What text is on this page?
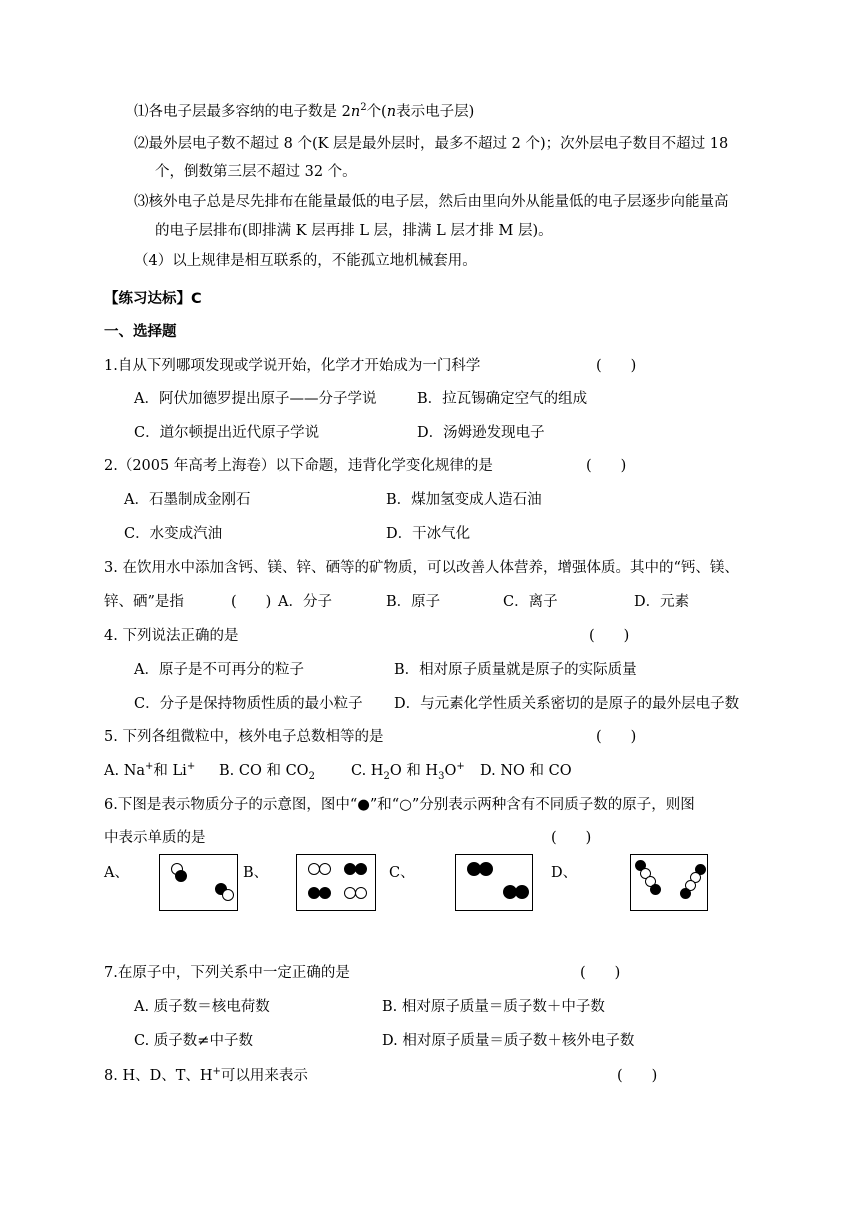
⑴各电子层最多容纳的电子数是 $2n^2$个(n表示电子层)
⑵最外层电子数不超过 8 个(K 层是最外层时，最多不超过 2 个)；次外层电子数目不超过 18
个，倒数第三层不超过 32 个。
⑶核外电子总是尽先排布在能量最低的电子层，然后由里向外从能量低的电子层逐步向能量高
的电子层排布(即排满 K 层再排 L 层，排满 L 层才排 M 层)。
（4）以上规律是相互联系的，不能孤立地机械套用。
【练习达标】C
一、选择题
1.自从下列哪项发现或学说开始，化学才开始成为一门科学	(　　)
A．阿伏加德罗提出原子——分子学说	B．拉瓦锡确定空气的组成
C．道尔顿提出近代原子学说	D．汤姆逊发现电子
2.（2005 年高考上海卷）以下命题，违背化学变化规律的是	(　　)
A．石墨制成金刚石	B．煤加氢变成人造石油
C．水变成汽油	D．干冰气化
3. 在饮用水中添加含钙、镁、锌、硒等的矿物质，可以改善人体营养，增强体质。其中的“钙、镁、
锌、硒”是指	(　　) A．分子	B．原子	C．离子	D．元素
4. 下列说法正确的是	(　　)
A．原子是不可再分的粒子	B．相对原子质量就是原子的实际质量
C．分子是保持物质性质的最小粒子 D．与元素化学性质关系密切的是原子的最外层电子数
5. 下列各组微粒中，核外电子总数相等的是	(　　)
A. Na+和 Li+ B. CO 和 $CO_2$ C. $H_2O$ 和 $H_3O^+$ D. NO 和 CO
6.下图是表示物质分子的示意图，图中“●”和“○”分别表示两种含有不同质子数的原子，则图
中表示单质的是	(　　)
A、	B、	C、	D、
7.在原子中，下列关系中一定正确的是	(　　)
A. 质子数＝核电荷数	B. 相对原子质量＝质子数＋中子数
C. 质子数≠中子数	D. 相对原子质量＝质子数＋核外电子数
8. H、D、T、H+可以用来表示	(　　)
